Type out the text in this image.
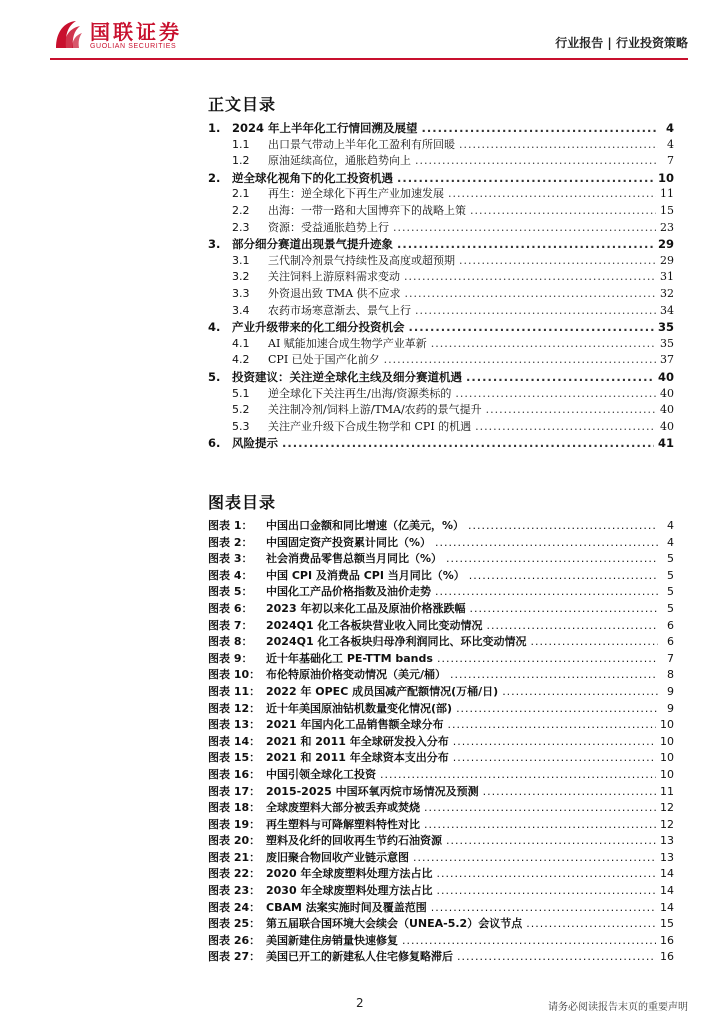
国联证券
GUOLIAN SECURITIES	行业报告 | 行业投资策略
正文目录
1.	2024 年上半年化工行情回溯及展望 .....	4
1.1	出口景气带动上半年化工盈利有所回暖 .....	4
1.2	原油延续高位，通胀趋势向上 .....	7
2.	逆全球化视角下的化工投资机遇 .....	10
2.1	再生：逆全球化下再生产业加速发展 .....	11
2.2	出海：一带一路和大国博弈下的战略上策 .....	15
2.3	资源：受益通胀趋势上行 .....	23
3.	部分细分赛道出现景气提升迹象 .....	29
3.1	三代制冷剂景气持续性及高度或超预期 .....	29
3.2	关注饲料上游原料需求变动 .....	31
3.3	外资退出致 TMA 供不应求 .....	32
3.4	农药市场寒意渐去、景气上行 .....	34
4.	产业升级带来的化工细分投资机会 .....	35
4.1	AI 赋能加速合成生物学产业革新 .....	35
4.2	CPI 已处于国产化前夕 .....	37
5.	投资建议：关注逆全球化主线及细分赛道机遇 .....	40
5.1	逆全球化下关注再生/出海/资源类标的 .....	40
5.2	关注制冷剂/饲料上游/TMA/农药的景气提升 .....	40
5.3	关注产业升级下合成生物学和 CPI 的机遇 .....	40
6.	风险提示 .....	41
图表目录
图表 1：	中国出口金额和同比增速（亿美元，%） .....	4
图表 2：	中国固定资产投资累计同比（%） .....	4
图表 3：	社会消费品零售总额当月同比（%） .....	5
图表 4：	中国 CPI 及消费品 CPI 当月同比（%） .....	5
图表 5：	中国化工产品价格指数及油价走势 .....	5
图表 6：	2023 年初以来化工品及原油价格涨跌幅 .....	5
图表 7：	2024Q1 化工各板块营业收入同比变动情况 .....	6
图表 8：	2024Q1 化工各板块归母净利润同比、环比变动情况 .....	6
图表 9：	近十年基础化工 PE-TTM bands .....	7
图表 10： 布伦特原油价格变动情况（美元/桶） .....	8
图表 11： 2022 年 OPEC 成员国减产配额情况(万桶/日) .....	9
图表 12： 近十年美国原油钻机数量变化情况(部) .....	9
图表 13： 2021 年国内化工品销售额全球分布 .....	10
图表 14： 2021 和 2011 年全球研发投入分布 .....	10
图表 15： 2021 和 2011 年全球资本支出分布 .....	10
图表 16： 中国引领全球化工投资 .....	10
图表 17： 2015-2025 中国环氧丙烷市场情况及预测 .....	11
图表 18： 全球废塑料大部分被丢弃或焚烧 .....	12
图表 19： 再生塑料与可降解塑料特性对比 .....	12
图表 20： 塑料及化纤的回收再生节约石油资源 .....	13
图表 21： 废旧聚合物回收产业链示意图 .....	13
图表 22： 2020 年全球废塑料处理方法占比 .....	14
图表 23： 2030 年全球废塑料处理方法占比 .....	14
图表 24： CBAM 法案实施时间及覆盖范围 .....	14
图表 25： 第五届联合国环境大会续会（UNEA-5.2）会议节点 .....	15
图表 26： 美国新建住房销量快速修复 .....	16
图表 27： 美国已开工的新建私人住宅修复略滞后 .....	16
2	请务必阅读报告末页的重要声明
